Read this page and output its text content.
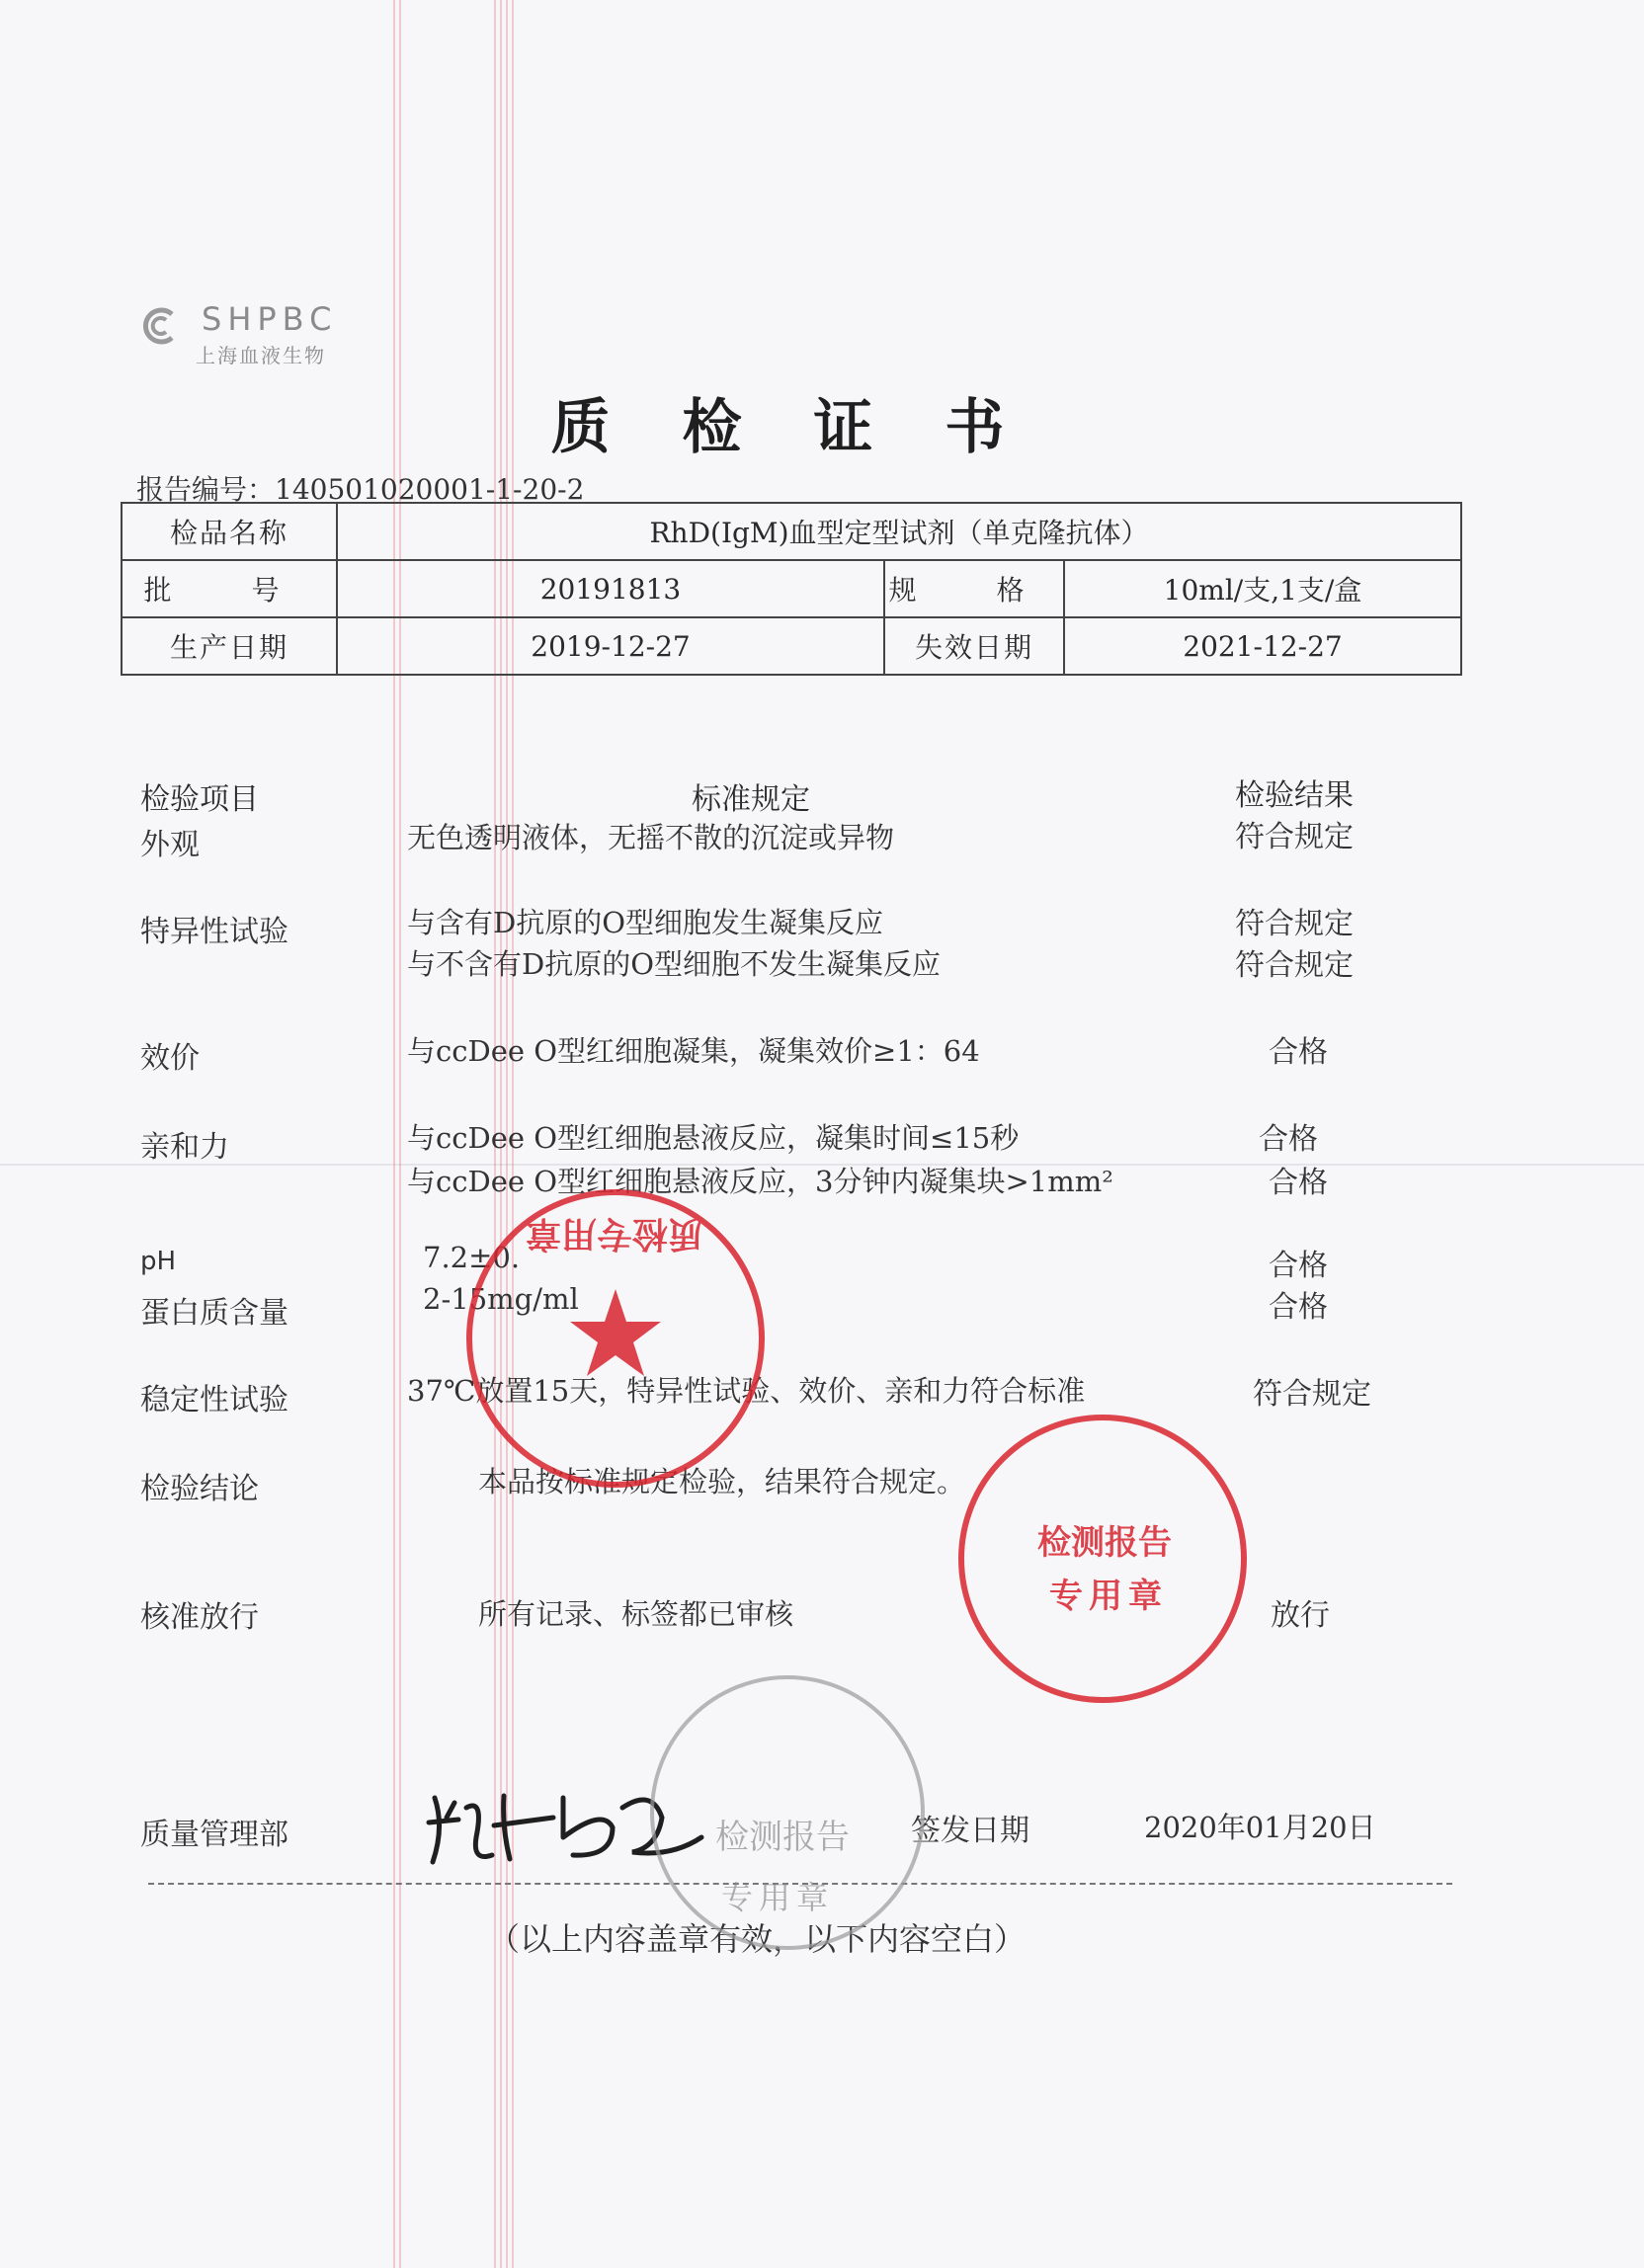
SHPBC
上海血液生物
质 检 证 书
报告编号：140501020001-1-20-2
检品名称	RhD(IgM)血型定型试剂（单克隆抗体）		
批 号	20191813	规 格	10ml/支,1支/盒
生产日期	2019-12-27	失效日期	2021-12-27
检验项目	标准规定	检验结果
外观	无色透明液体，无摇不散的沉淀或异物	符合规定
特异性试验	与含有D抗原的O型细胞发生凝集反应	符合规定
与不含有D抗原的O型细胞不发生凝集反应	符合规定
效价	与ccDee O型红细胞凝集，凝集效价≥1：64	合格
亲和力	与ccDee O型红细胞悬液反应，凝集时间≤15秒	合格
与ccDee O型红细胞悬液反应，3分钟内凝集块>1mm²	合格
pH	7.2±0.	合格
蛋白质含量	2-15mg/ml	合格
稳定性试验	37℃放置15天，特异性试验、效价、亲和力符合标准	符合规定
检验结论	本品按标准规定检验，结果符合规定。
核准放行	所有记录、标签都已审核	放行
质量管理部	签发日期	2020年01月20日
（以上内容盖章有效，以下内容空白）
质检专用章
检测报告
专用章
检测报告
专用章
